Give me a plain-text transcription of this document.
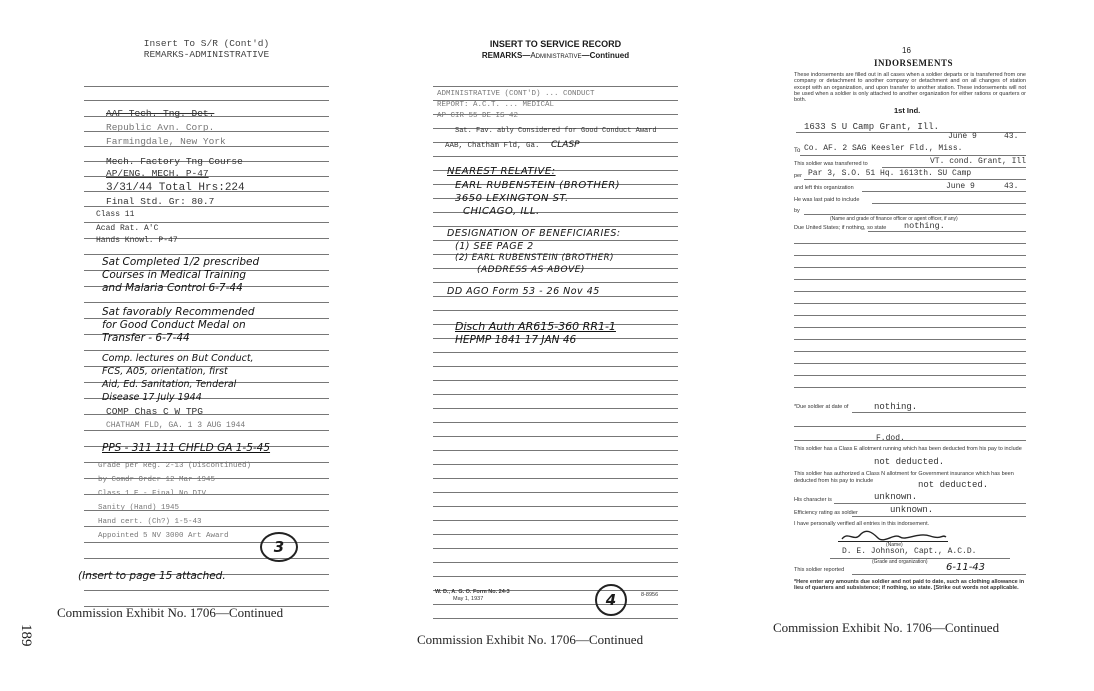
189
Insert To S/R (Cont'd)
REMARKS-ADMINISTRATIVE
AAF Tech. Tng. Det.
Republic Avn. Corp.
Farmingdale, New York
Mech. Factory Tng Course
AP/ENG. MECH. P-47
3/31/44 Total Hrs:224
Final Std. Gr: 80.7
Class 11
Acad Rat. A'C
Hands Knowl. P-47
Sat Completed 1/2 prescribed
Courses in Medical Training
and Malaria Control 6-7-44
Sat favorably Recommended
for Good Conduct Medal on
Transfer - 6-7-44
Comp. lectures on But Conduct,
FCS, A05, orientation, first
Aid, Ed. Sanitation, Tenderal
Disease 17 July 1944
COMP Chas C W TPG
CHATHAM FLD, GA. 1 3 AUG 1944
PPS - 311 111 CHFLD GA 1-5-45
Grade per Reg. 2-13 (Discontinued)
by Comdr Order 12 Mar 1945
Class 1 E - Final No DIV
Sanity (Hand) 1945
Hand cert. (Ch?) 1-5-43
Appointed 5 NV 3000 Art Award
3
(Insert to page 15 attached.
INSERT TO SERVICE RECORD
REMARKS—Administrative—Continued
ADMINISTRATIVE (CONT'D) ... CONDUCT
REPORT: A.C.T. ... MEDICAL
AP CIR 55 DE IS 42
Sat. Fav. ably Considered for Good Conduct Award
AAB, Chatham Fld, Ga. CLASP
NEAREST RELATIVE:
EARL RUBENSTEIN (BROTHER)
3650 LEXINGTON ST.
CHICAGO, ILL.
DESIGNATION OF BENEFICIARIES:
(1) SEE PAGE 2
(2) EARL RUBENSTEIN (BROTHER)
(ADDRESS AS ABOVE)
DD AGO Form 53 - 26 Nov 45
Disch Auth AR615-360 RR1-1
HEPMP 1841 17 JAN 46
W. D., A. G. O. Form No. 24-3
May 1, 1937	4	8-8956
16
INDORSEMENTS
These indorsements are filled out in all cases when a soldier departs or is transferred from one company or detachment to another company or detachment and on all changes of station except with an organization, and upon transfer to another station. These indorsements will not be used when a soldier is only attached to another organization for either rations or quarters or both.
1st Ind.
1633 S U Camp Grant, Ill.
June 9	43.
To Co. AF. 2 SAG Keesler Fld., Miss.
This soldier was transferred to	VT. cond. Grant, Ill
per Par 3, S.O. 51 Hq. 1613th. SU Camp
and left this organization	June 9	43.
He was last paid to include
by
(Name and grade of finance officer or agent officer, if any)
Due United States; if nothing, so state nothing.
*Due soldier at date of	nothing.
F.dod.
This soldier has a Class E allotment running which has been deducted from his pay to include
not deducted.
This soldier has authorized a Class N allotment for Government insurance which has been deducted from his pay to include	not deducted.
His character is	unknown.
Efficiency rating as soldier	unknown.
I have personally verified all entries in this indorsement.
(Name)
D. E. Johnson, Capt., A.C.D.
(Grade and organization)
This soldier reported	6-11-43
*Here enter any amounts due soldier and not paid to date, such as clothing allowance in lieu of quarters and subsistence; if nothing, so state. [Strike out words not applicable.
Commission Exhibit No. 1706—Continued
Commission Exhibit No. 1706—Continued
Commission Exhibit No. 1706—Continued
